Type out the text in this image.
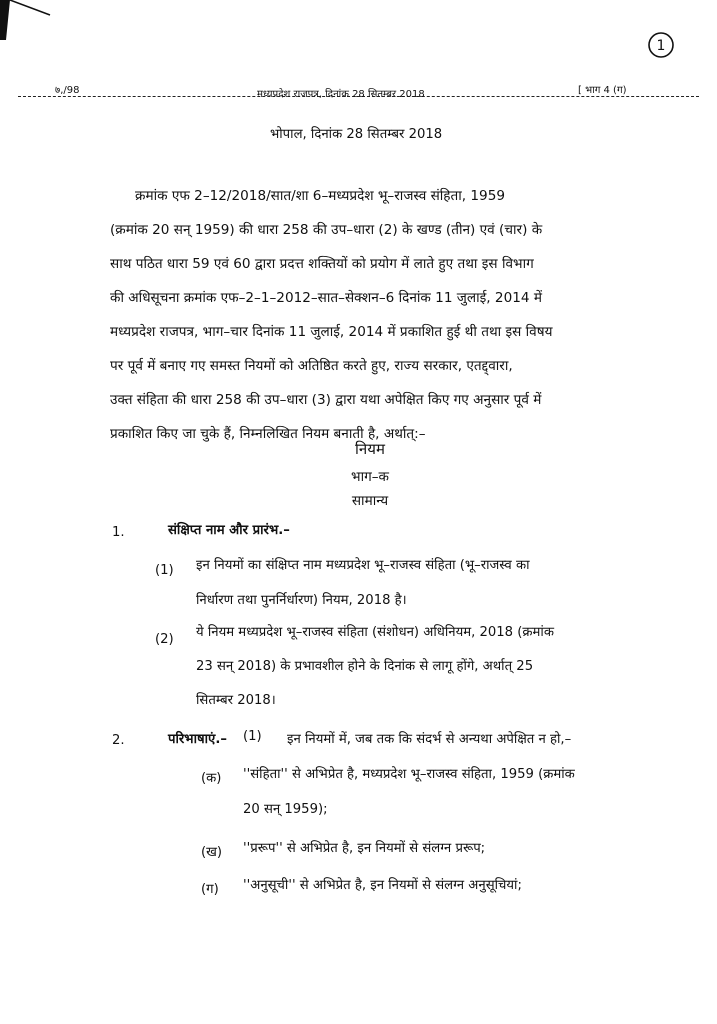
1
७,/98	मध्यप्रदेश राजपत्र, दिनांक 28 सितम्बर 2018	[ भाग 4 (ग)
भोपाल, दिनांक 28 सितम्बर 2018

क्रमांक एफ 2–12/2018/सात/शा 6–मध्यप्रदेश भू–राजस्व संहिता, 1959

(क्रमांक 20 सन् 1959) की धारा 258 की उप–धारा (2) के खण्ड (तीन) एवं (चार) के

साथ पठित धारा 59 एवं 60 द्वारा प्रदत्त शक्तियों को प्रयोग में लाते हुए तथा इस विभाग

की अधिसूचना क्रमांक एफ–2–1–2012–सात–सेक्शन–6 दिनांक 11 जुलाई, 2014 में

मध्यप्रदेश राजपत्र, भाग–चार दिनांक 11 जुलाई, 2014 में प्रकाशित हुई थी तथा इस विषय

पर पूर्व में बनाए गए समस्त नियमों को अतिष्ठित करते हुए, राज्य सरकार, एतद्द्वारा,

उक्त संहिता की धारा 258 की उप–धारा (3) द्वारा यथा अपेक्षित किए गए अनुसार पूर्व में

प्रकाशित किए जा चुके हैं, निम्नलिखित नियम बनाती है, अर्थात्:–

नियम
भाग–क
सामान्य
1.	संक्षिप्त नाम और प्रारंभ.–
(1) इन नियमों का संक्षिप्त नाम मध्यप्रदेश भू–राजस्व संहिता (भू–राजस्व का
निर्धारण तथा पुनर्निर्धारण) नियम, 2018 है।
(2) ये नियम मध्यप्रदेश भू–राजस्व संहिता (संशोधन) अधिनियम, 2018 (क्रमांक
23 सन् 2018) के प्रभावशील होने के दिनांक से लागू होंगे, अर्थात् 25
सितम्बर 2018।
2.	परिभाषाएं.– (1) इन नियमों में, जब तक कि संदर्भ से अन्यथा अपेक्षित न हो,–
(क) ''संहिता'' से अभिप्रेत है, मध्यप्रदेश भू–राजस्व संहिता, 1959 (क्रमांक
20 सन् 1959);
(ख) ''प्ररूप'' से अभिप्रेत है, इन नियमों से संलग्न प्ररूप;
(ग) ''अनुसूची'' से अभिप्रेत है, इन नियमों से संलग्न अनुसूचियां;
